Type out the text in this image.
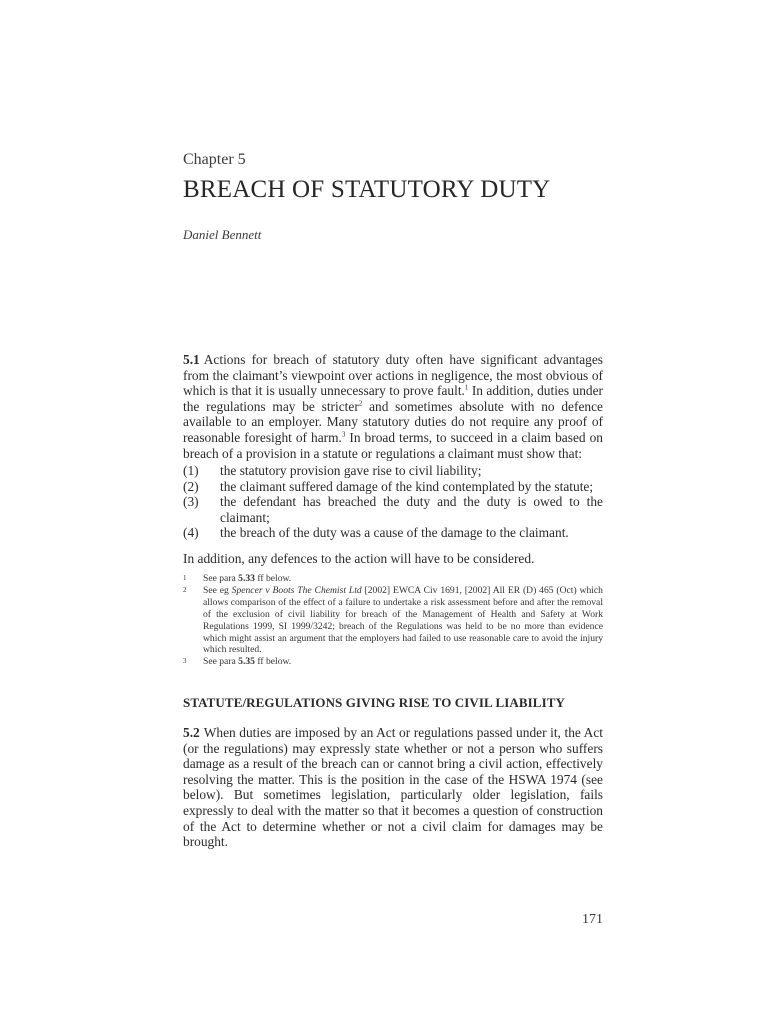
Chapter 5
BREACH OF STATUTORY DUTY
Daniel Bennett

5.1 Actions for breach of statutory duty often have significant advantages from the claimant’s viewpoint over actions in negligence, the most obvious of which is that it is usually unnecessary to prove fault.$^1$ In addition, duties under the regulations may be stricter$^2$ and sometimes absolute with no defence available to an employer. Many statutory duties do not require any proof of reasonable foresight of harm.$^3$ In broad terms, to succeed in a claim based on breach of a provision in a statute or regulations a claimant must show that:

(1)	the statutory provision gave rise to civil liability;
(2)	the claimant suffered damage of the kind contemplated by the statute;
(3)	the defendant has breached the duty and the duty is owed to the claimant;
(4)	the breach of the duty was a cause of the damage to the claimant.
In addition, any defences to the action will have to be considered.
1	See para 5.33 ff below.
2	See eg Spencer v Boots The Chemist Ltd [2002] EWCA Civ 1691, [2002] All ER (D) 465 (Oct) which allows comparison of the effect of a failure to undertake a risk assessment before and after the removal of the exclusion of civil liability for breach of the Management of Health and Safety at Work Regulations 1999, SI 1999/3242; breach of the Regulations was held to be no more than evidence which might assist an argument that the employers had failed to use reasonable care to avoid the injury which resulted.
3	See para 5.35 ff below.
STATUTE/REGULATIONS GIVING RISE TO CIVIL LIABILITY

5.2 When duties are imposed by an Act or regulations passed under it, the Act (or the regulations) may expressly state whether or not a person who suffers damage as a result of the breach can or cannot bring a civil action, effectively resolving the matter. This is the position in the case of the HSWA 1974 (see below). But sometimes legislation, particularly older legislation, fails expressly to deal with the matter so that it becomes a question of construction of the Act to determine whether or not a civil claim for damages may be brought.

171
